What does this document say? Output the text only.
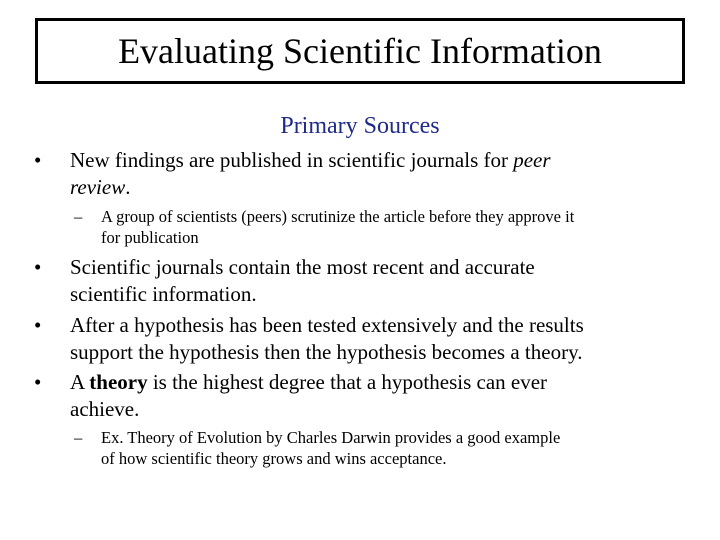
Evaluating Scientific Information
Primary Sources
•	New findings are published in scientific journals for peer
review.
–	A group of scientists (peers) scrutinize the article before they approve it
for publication
•	Scientific journals contain the most recent and accurate
scientific information.
•	After a hypothesis has been tested extensively and the results
support the hypothesis then the hypothesis becomes a theory.
•	A theory is the highest degree that a hypothesis can ever
achieve.
–	Ex. Theory of Evolution by Charles Darwin provides a good example
of how scientific theory grows and wins acceptance.
